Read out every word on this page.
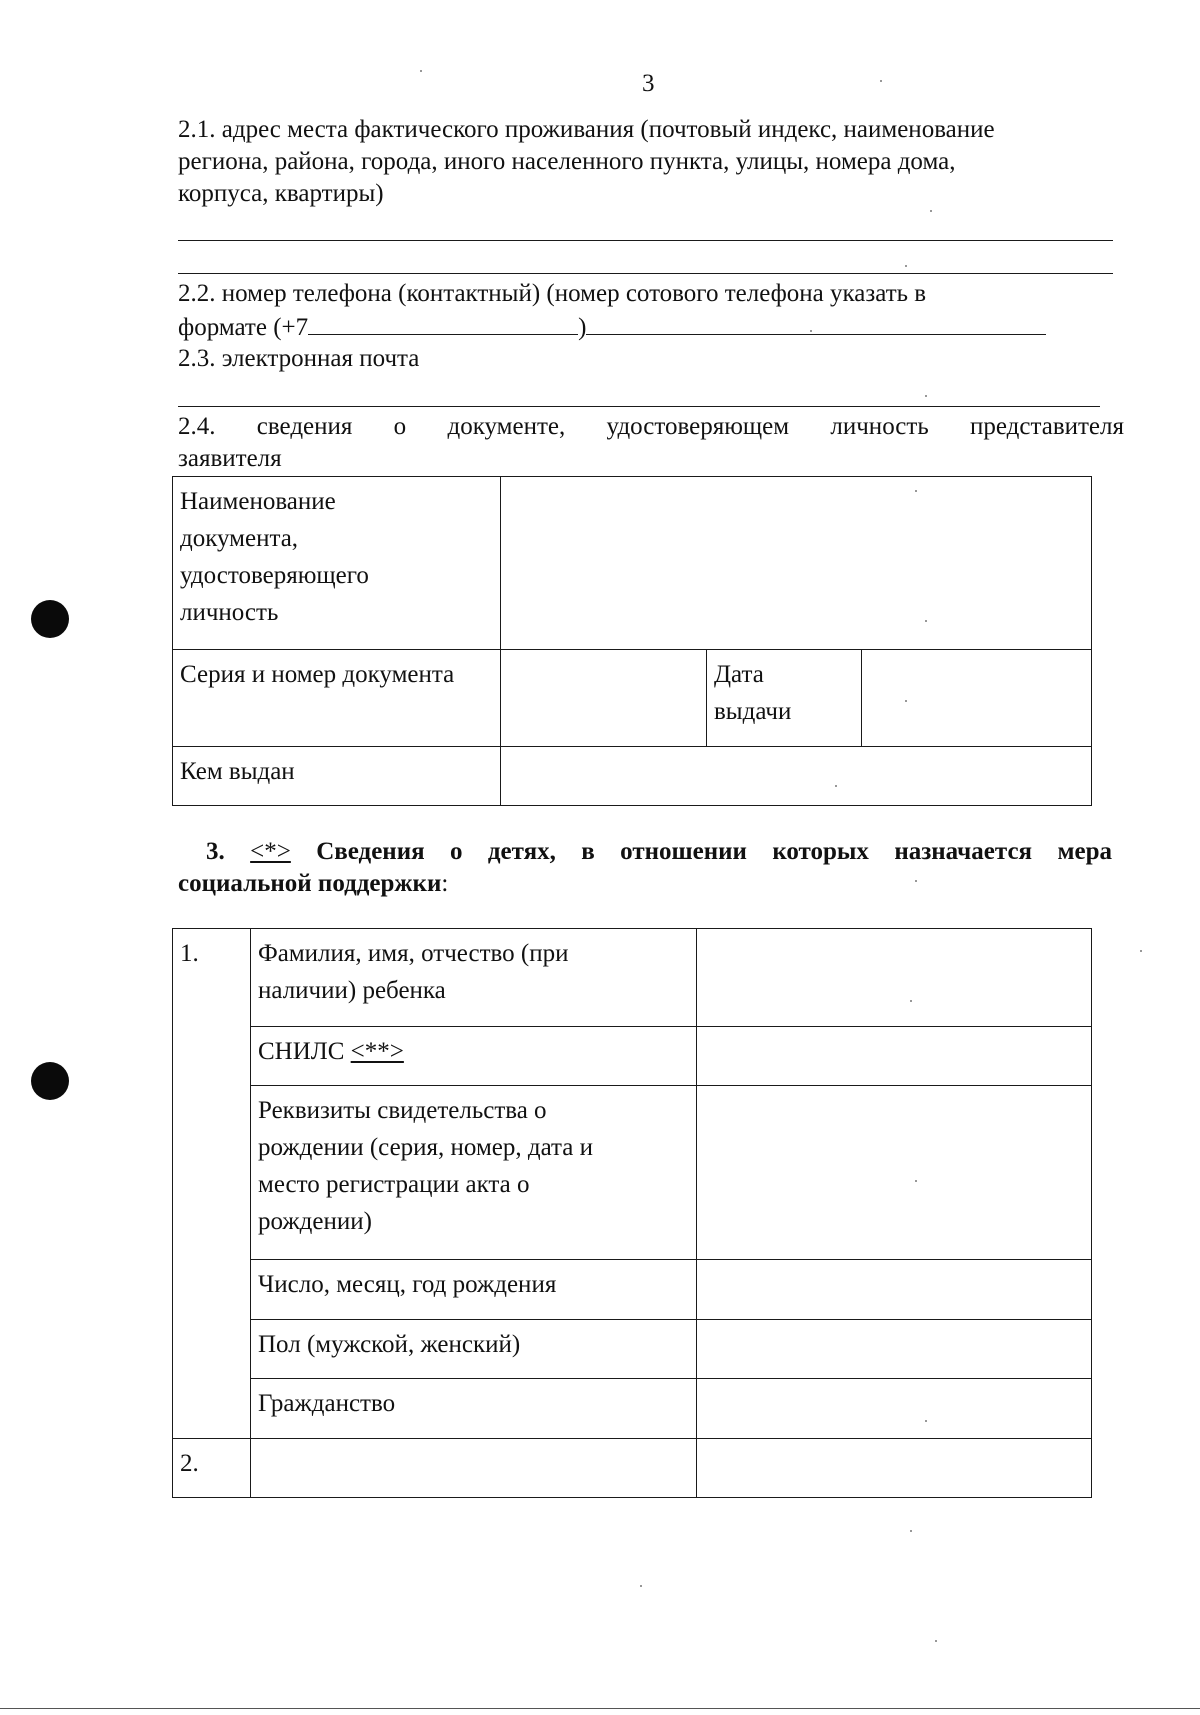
3
2.1. адрес места фактического проживания (почтовый индекс, наименование
региона, района, города, иного населенного пункта, улицы, номера дома,
корпуса, квартиры)
2.2. номер телефона (контактный) (номер сотового телефона указать в
формате (+7	)
2.3. электронная почта
2.4. сведения о документе, удостоверяющем личность представителя
заявителя
Наименование
документа,
удостоверяющего
личность			

Серия и номер документа		Дата
выдачи	

Кем выдан			

3. <*> Сведения о детях, в отношении которых назначается мера
социальной поддержки:
1.	Фамилия, имя, отчество (при
наличии) ребенка	

	СНИЛС <**>	

	Реквизиты свидетельства о
рождении (серия, номер, дата и
место регистрации акта о
рождении)	

	Число, месяц, год рождения	

	Пол (мужской, женский)	

	Гражданство	

2.		
